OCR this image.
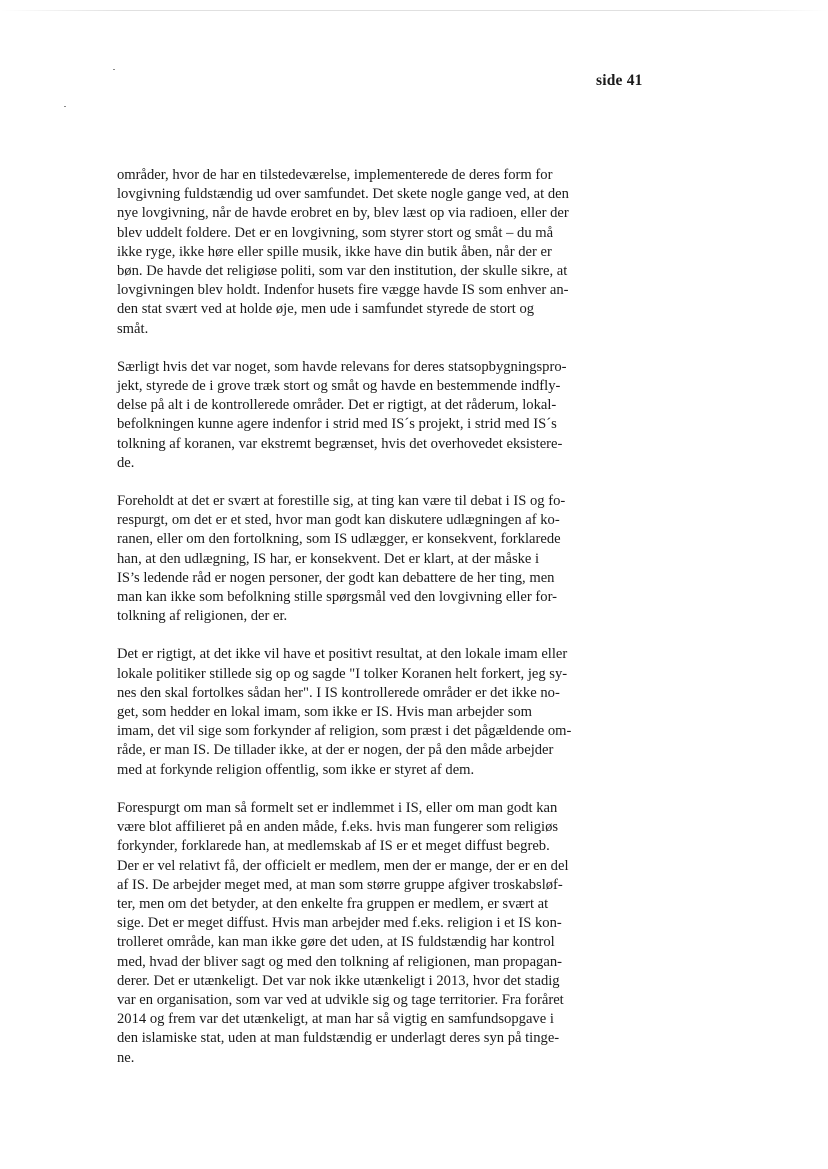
side 41

områder, hvor de har en tilstedeværelse, implementerede de deres form for
lovgivning fuldstændig ud over samfundet. Det skete nogle gange ved, at den
nye lovgivning, når de havde erobret en by, blev læst op via radioen, eller der
blev uddelt foldere. Det er en lovgivning, som styrer stort og småt – du må
ikke ryge, ikke høre eller spille musik, ikke have din butik åben, når der er
bøn. De havde det religiøse politi, som var den institution, der skulle sikre, at
lovgivningen blev holdt. Indenfor husets fire vægge havde IS som enhver an-
den stat svært ved at holde øje, men ude i samfundet styrede de stort og
småt.

Særligt hvis det var noget, som havde relevans for deres statsopbygningspro-
jekt, styrede de i grove træk stort og småt og havde en bestemmende indfly-
delse på alt i de kontrollerede områder. Det er rigtigt, at det råderum, lokal-
befolkningen kunne agere indenfor i strid med IS´s projekt, i strid med IS´s
tolkning af koranen, var ekstremt begrænset, hvis det overhovedet eksistere-
de.

Foreholdt at det er svært at forestille sig, at ting kan være til debat i IS og fo-
respurgt, om det er et sted, hvor man godt kan diskutere udlægningen af ko-
ranen, eller om den fortolkning, som IS udlægger, er konsekvent, forklarede
han, at den udlægning, IS har, er konsekvent. Det er klart, at der måske i
IS’s ledende råd er nogen personer, der godt kan debattere de her ting, men
man kan ikke som befolkning stille spørgsmål ved den lovgivning eller for-
tolkning af religionen, der er.

Det er rigtigt, at det ikke vil have et positivt resultat, at den lokale imam eller
lokale politiker stillede sig op og sagde "I tolker Koranen helt forkert, jeg sy-
nes den skal fortolkes sådan her". I IS kontrollerede områder er det ikke no-
get, som hedder en lokal imam, som ikke er IS. Hvis man arbejder som
imam, det vil sige som forkynder af religion, som præst i det pågældende om-
råde, er man IS. De tillader ikke, at der er nogen, der på den måde arbejder
med at forkynde religion offentlig, som ikke er styret af dem.

Forespurgt om man så formelt set er indlemmet i IS, eller om man godt kan
være blot affilieret på en anden måde, f.eks. hvis man fungerer som religiøs
forkynder, forklarede han, at medlemskab af IS er et meget diffust begreb.
Der er vel relativt få, der officielt er medlem, men der er mange, der er en del
af IS. De arbejder meget med, at man som større gruppe afgiver troskabsløf-
ter, men om det betyder, at den enkelte fra gruppen er medlem, er svært at
sige. Det er meget diffust. Hvis man arbejder med f.eks. religion i et IS kon-
trolleret område, kan man ikke gøre det uden, at IS fuldstændig har kontrol
med, hvad der bliver sagt og med den tolkning af religionen, man propagan-
derer. Det er utænkeligt. Det var nok ikke utænkeligt i 2013, hvor det stadig
var en organisation, som var ved at udvikle sig og tage territorier. Fra foråret
2014 og frem var det utænkeligt, at man har så vigtig en samfundsopgave i
den islamiske stat, uden at man fuldstændig er underlagt deres syn på tinge-
ne.
